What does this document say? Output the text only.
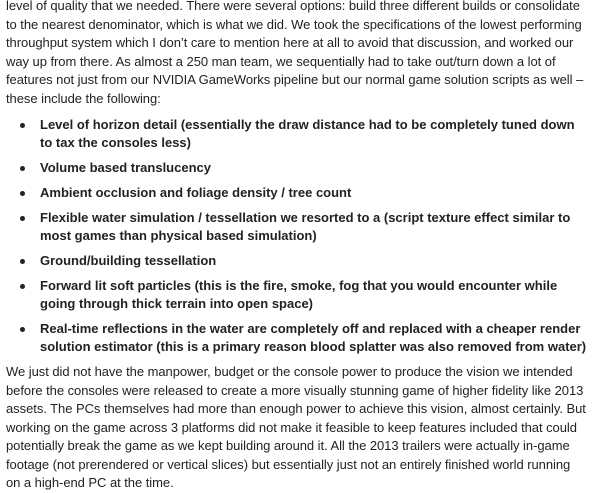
level of quality that we needed. There were several options: build three different builds or consolidate to the nearest denominator, which is what we did. We took the specifications of the lowest performing throughput system which I don’t care to mention here at all to avoid that discussion, and worked our way up from there. As almost a 250 man team, we sequentially had to take out/turn down a lot of features not just from our NVIDIA GameWorks pipeline but our normal game solution scripts as well – these include the following:

Level of horizon detail (essentially the draw distance had to be completely tuned down to tax the consoles less)
Volume based translucency
Ambient occlusion and foliage density / tree count
Flexible water simulation / tessellation we resorted to a (script texture effect similar to most games than physical based simulation)
Ground/building tessellation
Forward lit soft particles (this is the fire, smoke, fog that you would encounter while going through thick terrain into open space)
Real-time reflections in the water are completely off and replaced with a cheaper render solution estimator (this is a primary reason blood splatter was also removed from water)

We just did not have the manpower, budget or the console power to produce the vision we intended before the consoles were released to create a more visually stunning game of higher fidelity like 2013 assets. The PCs themselves had more than enough power to achieve this vision, almost certainly. But working on the game across 3 platforms did not make it feasible to keep features included that could potentially break the game as we kept building around it. All the 2013 trailers were actually in-game footage (not prerendered or vertical slices) but essentially just not an entirely finished world running on a high-end PC at the time.
